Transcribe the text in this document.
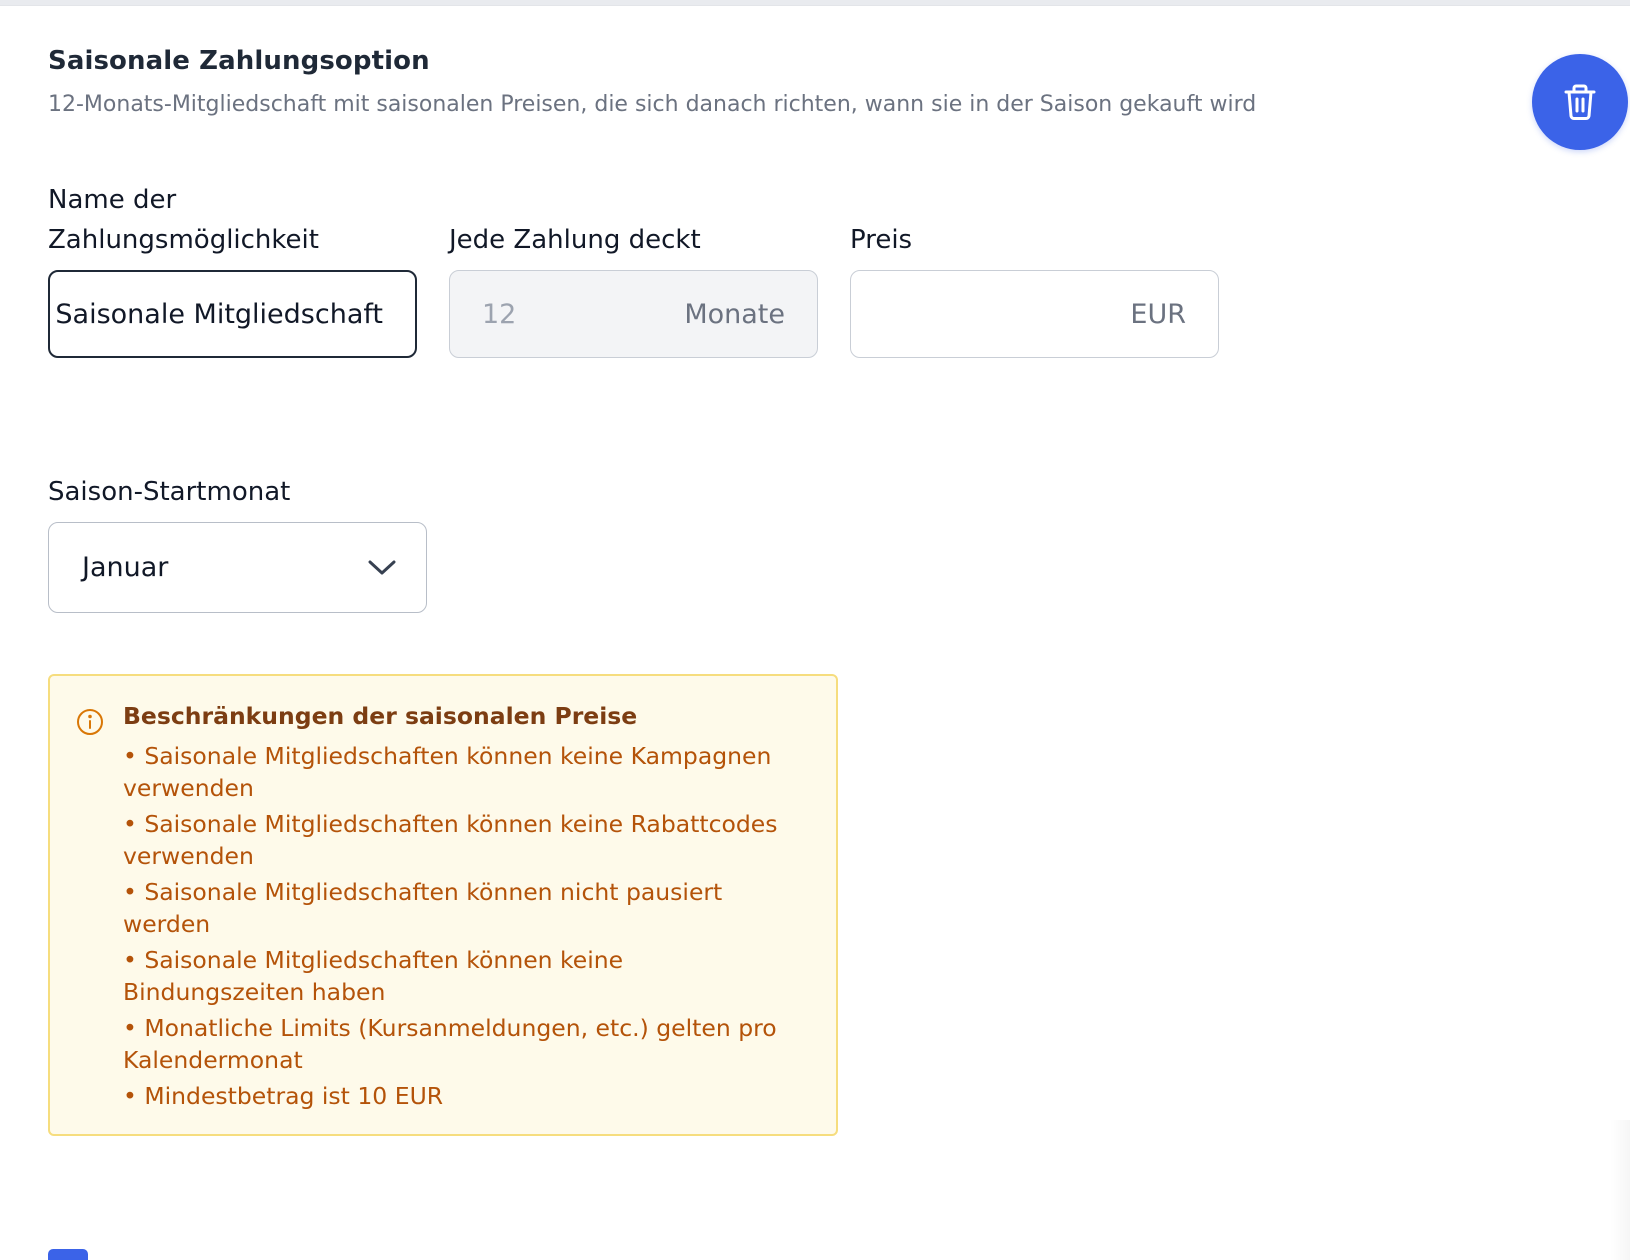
Saisonale Zahlungsoption
12-Monats-Mitgliedschaft mit saisonalen Preisen, die sich danach richten, wann sie in der Saison gekauft wird
Name der
Zahlungsmöglichkeit
Saisonale Mitgliedschaft
Jede Zahlung deckt
12	Monate
Preis
EUR
Saison-Startmonat
Januar
Beschränkungen der saisonalen Preise
• Saisonale Mitgliedschaften können keine Kampagnen verwenden
• Saisonale Mitgliedschaften können keine Rabattcodes verwenden
• Saisonale Mitgliedschaften können nicht pausiert werden
• Saisonale Mitgliedschaften können keine Bindungszeiten haben
• Monatliche Limits (Kursanmeldungen, etc.) gelten pro Kalendermonat
• Mindestbetrag ist 10 EUR
